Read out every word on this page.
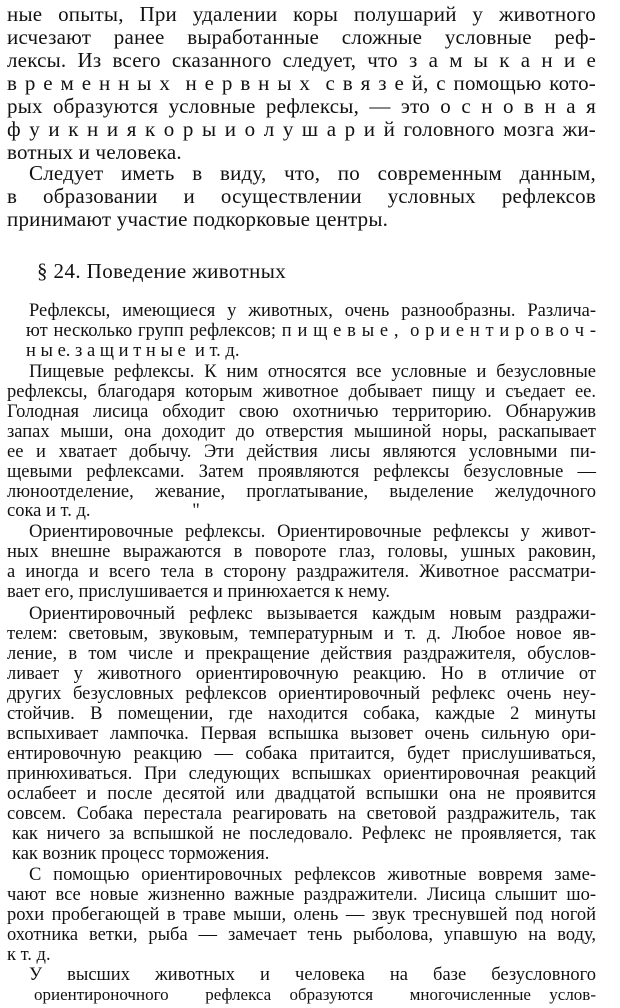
ные опыты, При удалении коры полушарий у животного
исчезают ранее выработанные сложные условные реф-
лексы. Из всего сказанного следует, что з а м ы к а н и е
в р е м е н н ы х  н е р в н ы х  с в я з е й, с помощью кото-
рых образуются условные рефлексы, — это о с н о в н а я
ф у и к н и я к о р ы и о л у ш а р и й головного мозга жи-
вотных и человека.
Следует иметь в виду, что, по современным данным,
в образовании и осуществлении условных рефлексов
принимают участие подкорковые центры.
§ 24. Поведение животных
Рефлексы, имеющиеся у животных, очень разнообразны. Различа-
ют несколько групп рефлексов; п и щ е в ы е ,  о р и е н т и р о в о ч -
н ы е. з а щ и т н ы е  и т. д.
Пищевые рефлексы. К ним относятся все условные и безусловные
рефлексы, благодаря которым животное добывает пищу и съедает ее.
Голодная лисица обходит свою охотничью территорию. Обнаружив
запах мыши, она доходит до отверстия мышиной норы, раскапывает
ее и хватает добычу. Эти действия лисы являются условными пи-
щевыми рефлексами. Затем проявляются рефлексы безусловные —
люноотделение, жевание, проглатывание, выделение желудочного
сока и т. д.                      "
Ориентировочные рефлексы. Ориентировочные рефлексы у живот-
ных внешне выражаются в повороте глаз, головы, ушных раковин,
а иногда и всего тела в сторону раздражителя. Животное рассматри-
вает его, прислушивается и принюхается к нему.
Ориентировочный рефлекс вызывается каждым новым раздражи-
телем: световым, звуковым, температурным и т. д. Любое новое яв-
ление, в том числе и прекращение действия раздражителя, обуслов-
ливает у животного ориентировочную реакцию. Но в отличие от
других безусловных рефлексов ориентировочный рефлекс очень неу-
стойчив. В помещении, где находится собака, каждые 2 минуты
вспыхивает лампочка. Первая вспышка вызовет очень сильную ори-
ентировочную реакцию — собака притаится, будет прислушиваться,
принюхиваться. При следующих вспышках ориентировочная реакций
ослабеет и после десятой или двадцатой вспышки она не проявится
совсем. Собака перестала реагировать на световой раздражитель, так
как ничего за вспышкой не последовало. Рефлекс не проявляется, так
как возник процесс торможения.
С помощью ориентировочных рефлексов животные вовремя заме-
чают все новые жизненно важные раздражители. Лисица слышит шо-
рохи пробегающей в траве мыши, олень — звук треснувшей под ногой
охотника ветки, рыба — замечает тень рыболова, упавшую на воду,
к т. д.
У  высших  животных  и  человека  на  базе  безусловного
ориентироночного  рефлекса образуются  многочисленные услов-
